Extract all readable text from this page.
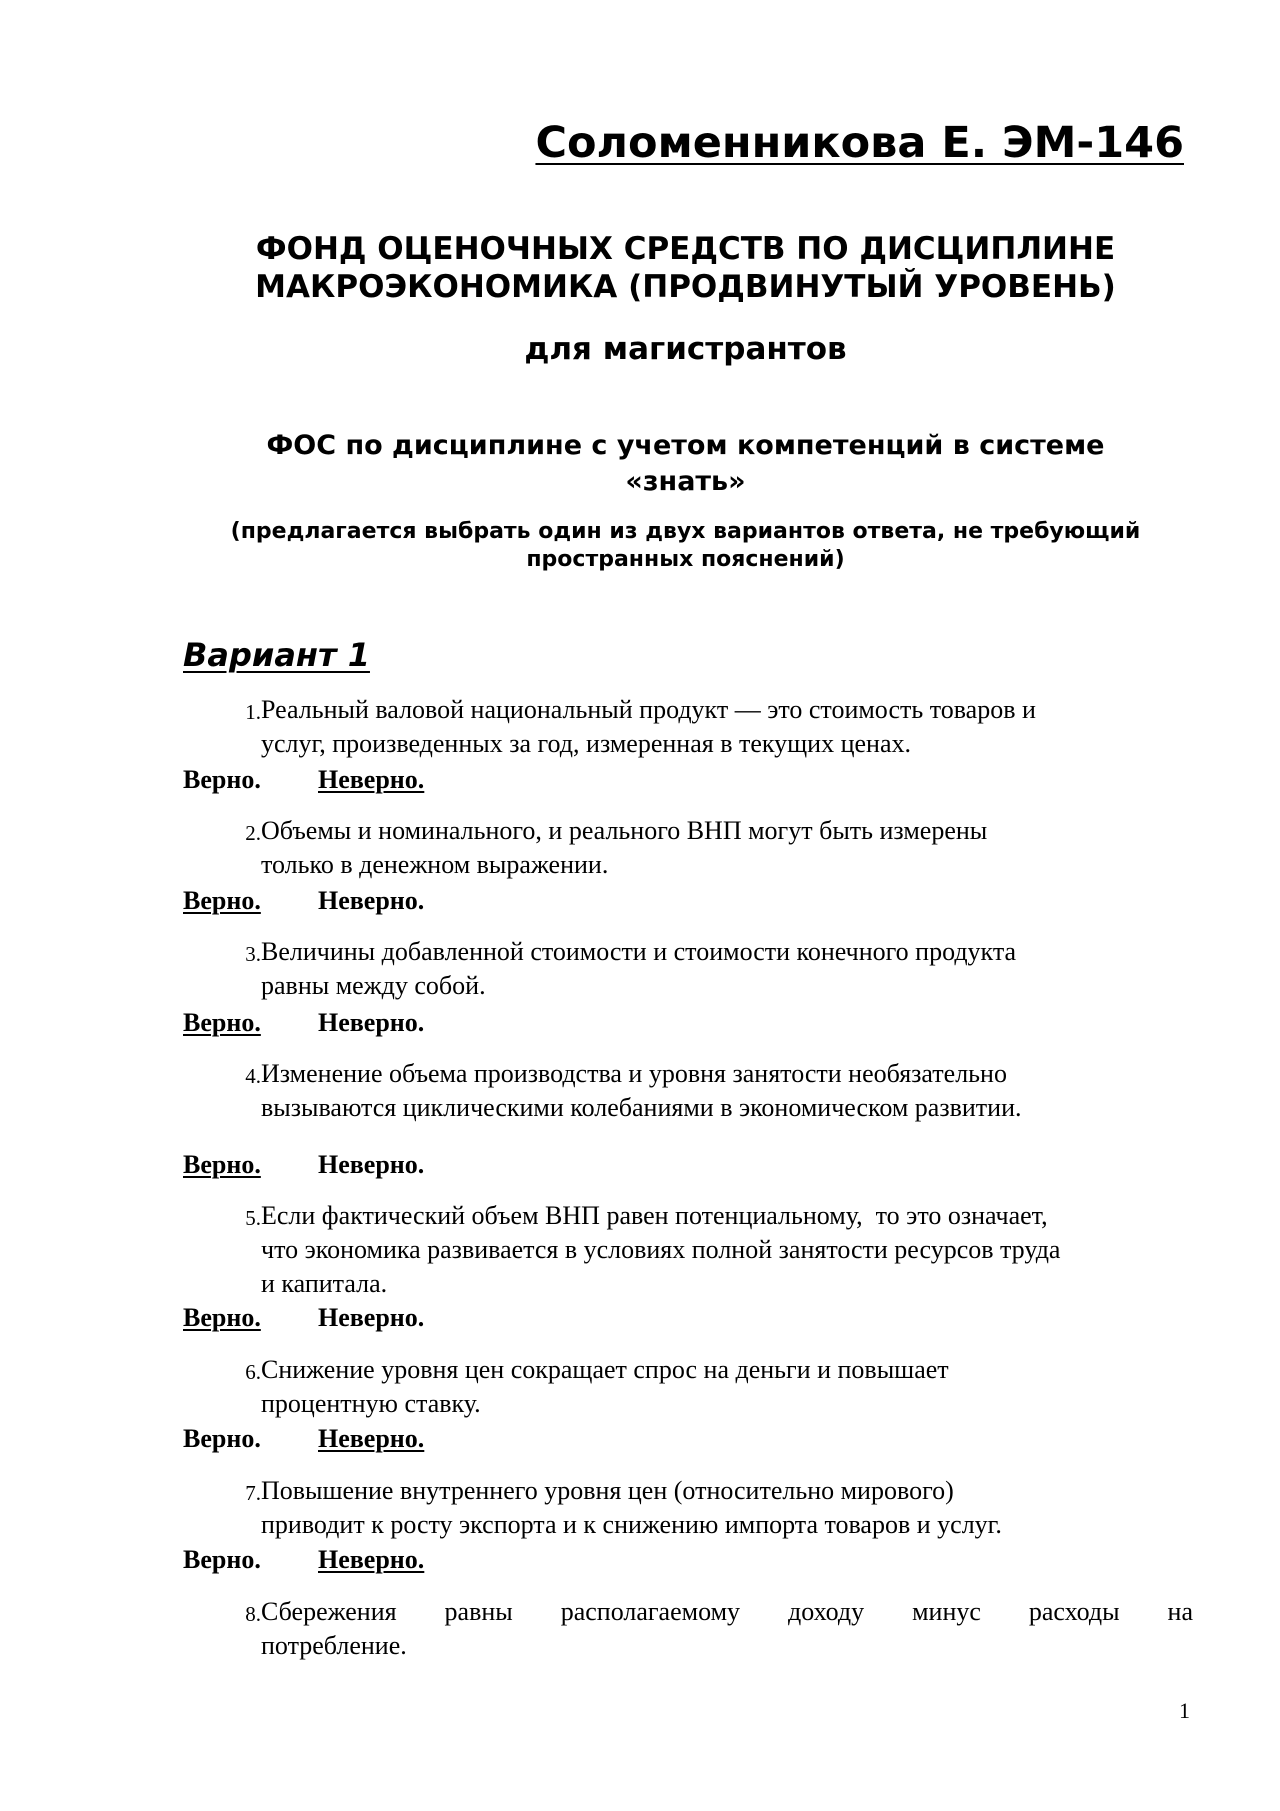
Соломенникова Е. ЭМ-146
ФОНД ОЦЕНОЧНЫХ СРЕДСТВ ПО ДИСЦИПЛИНЕ
МАКРОЭКОНОМИКА (ПРОДВИНУТЫЙ УРОВЕНЬ)
для магистрантов
ФОС по дисциплине с учетом компетенций в системе
«знать»
(предлагается выбрать один из двух вариантов ответа, не требующий
пространных пояснений)
Вариант 1
1. Реальный валовой национальный продукт — это стоимость товаров и
услуг, произведенных за год, измеренная в текущих ценах.
Верно. Неверно.
2. Объемы и номинального, и реального ВНП могут быть измерены
только в денежном выражении.
Верно. Неверно.
3. Величины добавленной стоимости и стоимости конечного продукта
равны между собой.
Верно. Неверно.
4. Изменение объема производства и уровня занятости необязательно
вызываются циклическими колебаниями в экономическом развитии.
Верно. Неверно.
5. Если фактический объем ВНП равен потенциальному,  то это означает,
что экономика развивается в условиях полной занятости ресурсов труда
и капитала.
Верно. Неверно.
6. Снижение уровня цен сокращает спрос на деньги и повышает
процентную ставку.
Верно. Неверно.
7. Повышение внутреннего уровня цен (относительно мирового)
приводит к росту экспорта и к снижению импорта товаров и услуг.
Верно. Неверно.
8. Сбережения равны располагаемому доходу минус расходы на
потребление.
1
